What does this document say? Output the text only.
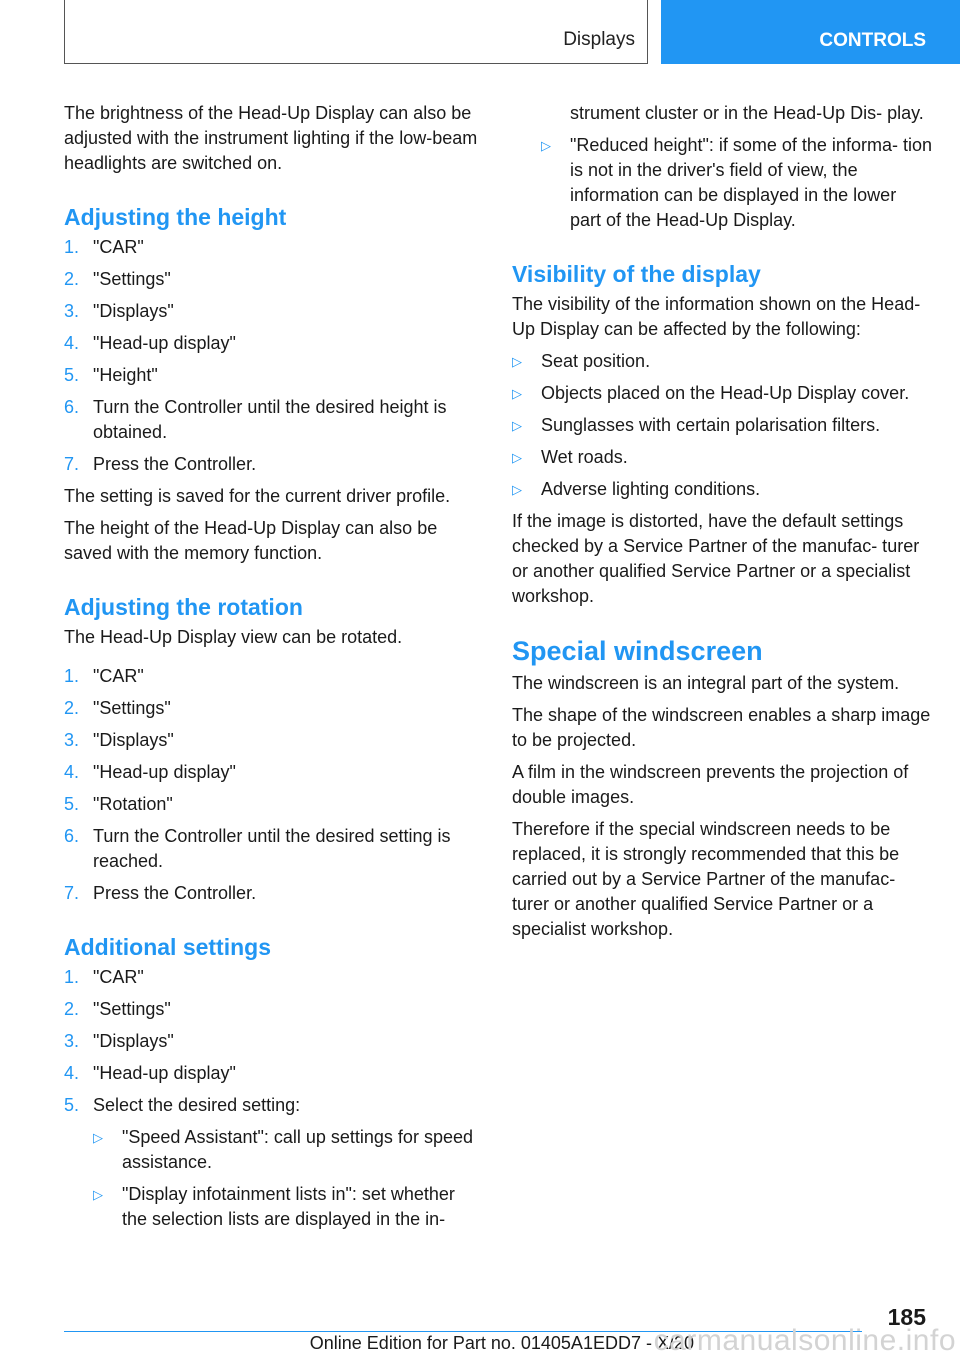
Displays	CONTROLS

The brightness of the Head-Up Display can also be adjusted with the instrument lighting if the low-beam headlights are switched on.

Adjusting the height
1. "CAR"
2. "Settings"
3. "Displays"
4. "Head-up display"
5. "Height"
6. Turn the Controller until the desired height is obtained.
7. Press the Controller.

The setting is saved for the current driver profile.

The height of the Head-Up Display can also be saved with the memory function.

Adjusting the rotation

The Head-Up Display view can be rotated.

1. "CAR"
2. "Settings"
3. "Displays"
4. "Head-up display"
5. "Rotation"
6. Turn the Controller until the desired setting is reached.
7. Press the Controller.
Additional settings
1. "CAR"
2. "Settings"
3. "Displays"
4. "Head-up display"
5. Select the desired setting:
▷	"Speed Assistant": call up settings for speed assistance.
▷	"Display infotainment lists in": set whether the selection lists are displayed in the in-
strument cluster or in the Head-Up Dis- play.
▷	"Reduced height": if some of the informa- tion is not in the driver's field of view, the information can be displayed in the lower part of the Head-Up Display.
Visibility of the display

The visibility of the information shown on the Head-Up Display can be affected by the following:

▷	Seat position.
▷	Objects placed on the Head-Up Display cover.
▷	Sunglasses with certain polarisation filters.
▷	Wet roads.
▷	Adverse lighting conditions.

If the image is distorted, have the default settings checked by a Service Partner of the manufac- turer or another qualified Service Partner or a specialist workshop.

Special windscreen

The windscreen is an integral part of the system.

The shape of the windscreen enables a sharp image to be projected.

A film in the windscreen prevents the projection of double images.

Therefore if the special windscreen needs to be replaced, it is strongly recommended that this be carried out by a Service Partner of the manufac- turer or another qualified Service Partner or a specialist workshop.

185
Online Edition for Part no. 01405A1EDD7 - X/20
carmanualsonline.info
